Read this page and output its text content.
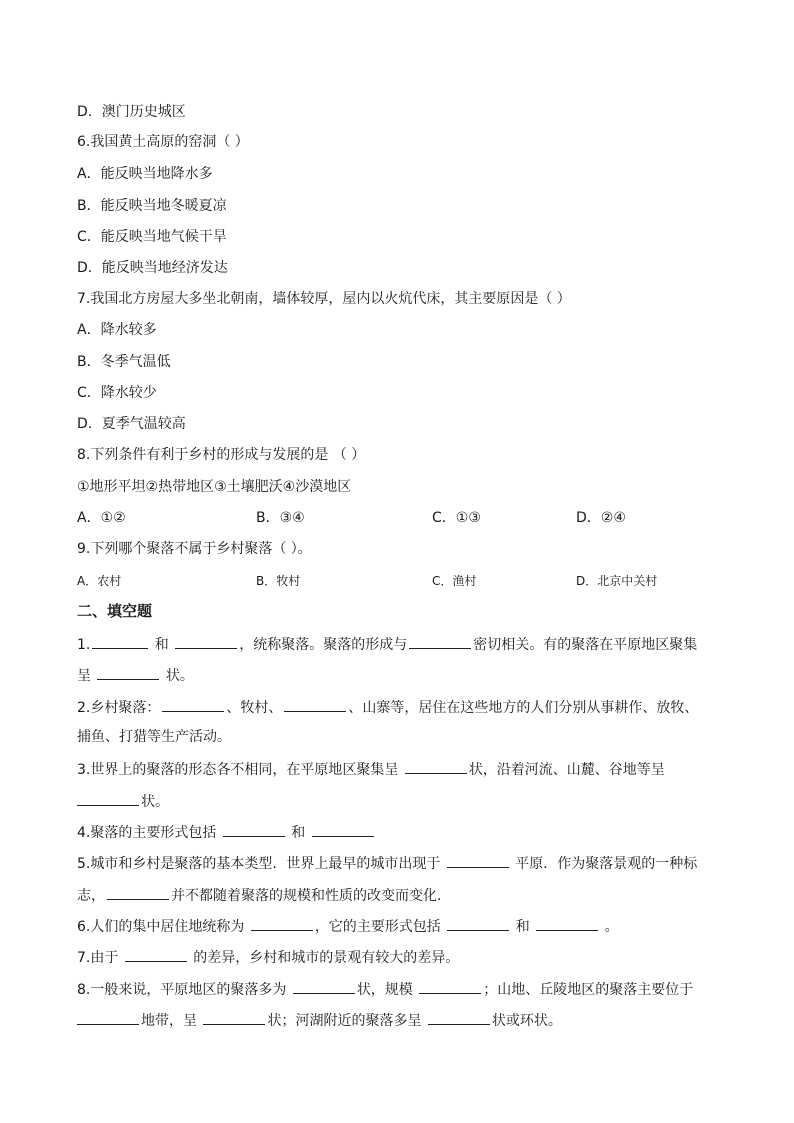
D．澳门历史城区
6.我国黄土高原的窑洞（ ）
A．能反映当地降水多
B．能反映当地冬暖夏凉
C．能反映当地气候干旱
D．能反映当地经济发达
7.我国北方房屋大多坐北朝南，墙体较厚，屋内以火炕代床，其主要原因是（ ）
A．降水较多
B．冬季气温低
C．降水较少
D．夏季气温较高
8.下列条件有利于乡村的形成与发展的是 （ ）
①地形平坦②热带地区③土壤肥沃④沙漠地区
A．①②	B．③④	C．①③	D．②④
9.下列哪个聚落不属于乡村聚落（ ）。
A．农村	B．牧村	C．渔村	D．北京中关村
二、填空题
1.	和	，统称聚落。聚落的形成与	密切相关。有的聚落在平原地区聚集
呈	状。
2.乡村聚落：	、牧村、	、山寨等，居住在这些地方的人们分别从事耕作、放牧、
捕鱼、打猎等生产活动。
3.世界上的聚落的形态各不相同，在平原地区聚集呈	状，沿着河流、山麓、谷地等呈
状。
4.聚落的主要形式包括	和
5.城市和乡村是聚落的基本类型．世界上最早的城市出现于	平原．作为聚落景观的一种标
志，	并不都随着聚落的规模和性质的改变而变化．
6.人们的集中居住地统称为	，它的主要形式包括	和	。
7.由于	的差异，乡村和城市的景观有较大的差异。
8.一般来说，平原地区的聚落多为	状，规模	；山地、丘陵地区的聚落主要位于
地带，呈	状；河湖附近的聚落多呈	状或环状。
